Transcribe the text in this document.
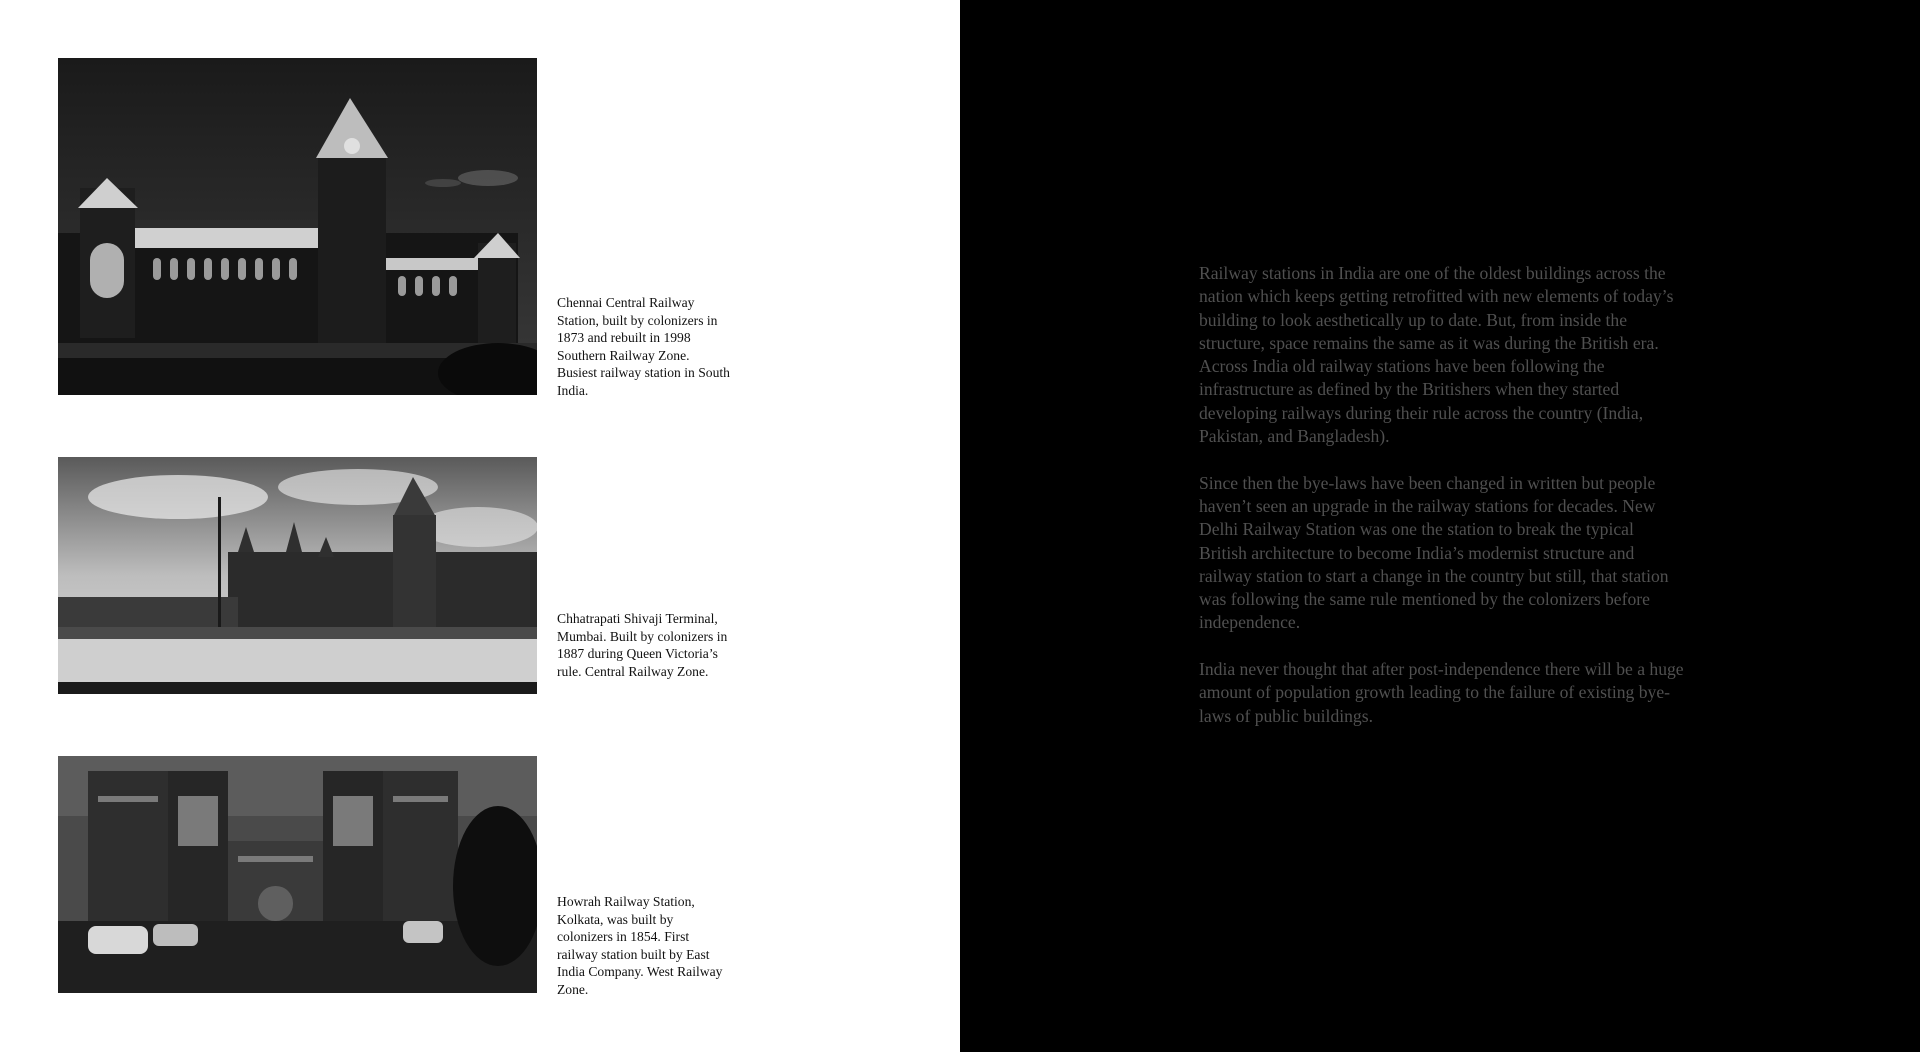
Chennai Central Railway Station, built by colonizers in 1873 and rebuilt in 1998 Southern Railway Zone. Busiest railway station in South India.
Chhatrapati Shivaji Terminal, Mumbai. Built by colonizers in 1887 during Queen Victoria’s rule. Central Railway Zone.
Howrah Railway Station, Kolkata, was built by colonizers in 1854. First railway station built by East India Company. West Railway Zone.

Railway stations in India are one of the oldest buildings across the nation which keeps getting retrofitted with new elements of today’s building to look aesthetically up to date. But, from inside the structure, space remains the same as it was during the British era. Across India old railway stations have been following the infrastructure as defined by the Britishers when they started developing railways during their rule across the country (India, Pakistan, and Bangladesh).

Since then the bye-laws have been changed in written but people haven’t seen an upgrade in the railway stations for decades. New Delhi Railway Station was one the station to break the typical British architecture to become India’s modernist structure and railway station to start a change in the country but still, that station was following the same rule mentioned by the colonizers before independence.

India never thought that after post-independence there will be a huge amount of population growth leading to the failure of existing bye-laws of public buildings.
